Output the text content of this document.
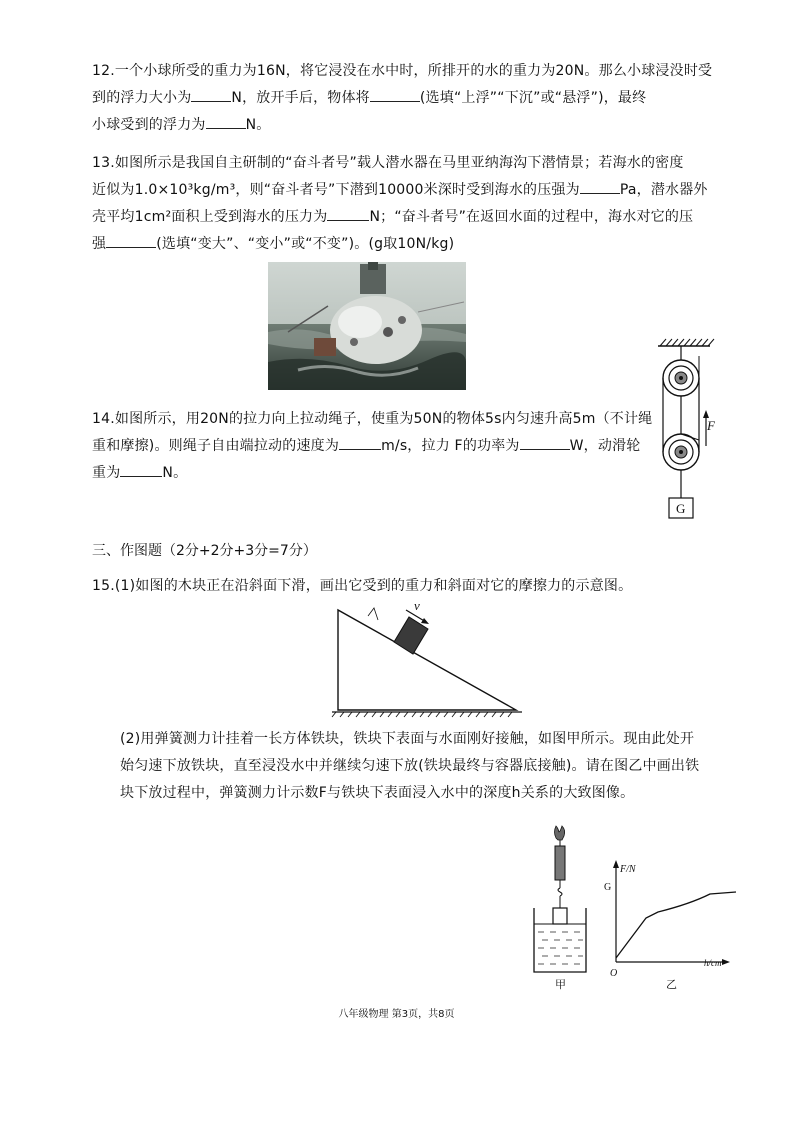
12.一个小球所受的重力为16N，将它浸没在水中时，所排开的水的重力为20N。那么小球浸没时受
到的浮力大小为	N，放开手后，物体将	(选填“上浮”“下沉”或“悬浮”)，最终
小球受到的浮力为	N。

13.如图所示是我国自主研制的“奋斗者号”载人潜水器在马里亚纳海沟下潜情景；若海水的密度
近似为1.0×10³kg/m³，则“奋斗者号”下潜到10000米深时受到海水的压强为	Pa，潜水器外
壳平均1cm²面积上受到海水的压力为	N；“奋斗者号”在返回水面的过程中，海水对它的压
强	(选填“变大”、“变小”或“不变”)。(g取10N/kg)

F
G

14.如图所示，用20N的拉力向上拉动绳子，使重为50N的物体5s内匀速升高5m（不计绳
重和摩擦)。则绳子自由端拉动的速度为	m/s，拉力 F的功率为	W，动滑轮
重为	N。

三、作图题（2分+2分+3分=7分）

15.(1)如图的木块正在沿斜面下滑，画出它受到的重力和斜面对它的摩擦力的示意图。

v

(2)用弹簧测力计挂着一长方体铁块，铁块下表面与水面刚好接触，如图甲所示。现由此处开
始匀速下放铁块，直至浸没水中并继续匀速下放(铁块最终与容器底接触)。请在图乙中画出铁
块下放过程中，弹簧测力计示数F与铁块下表面浸入水中的深度h关系的大致图像。

甲
F/N
G
O
h/cm
乙
八年级物理 第3页，共8页
